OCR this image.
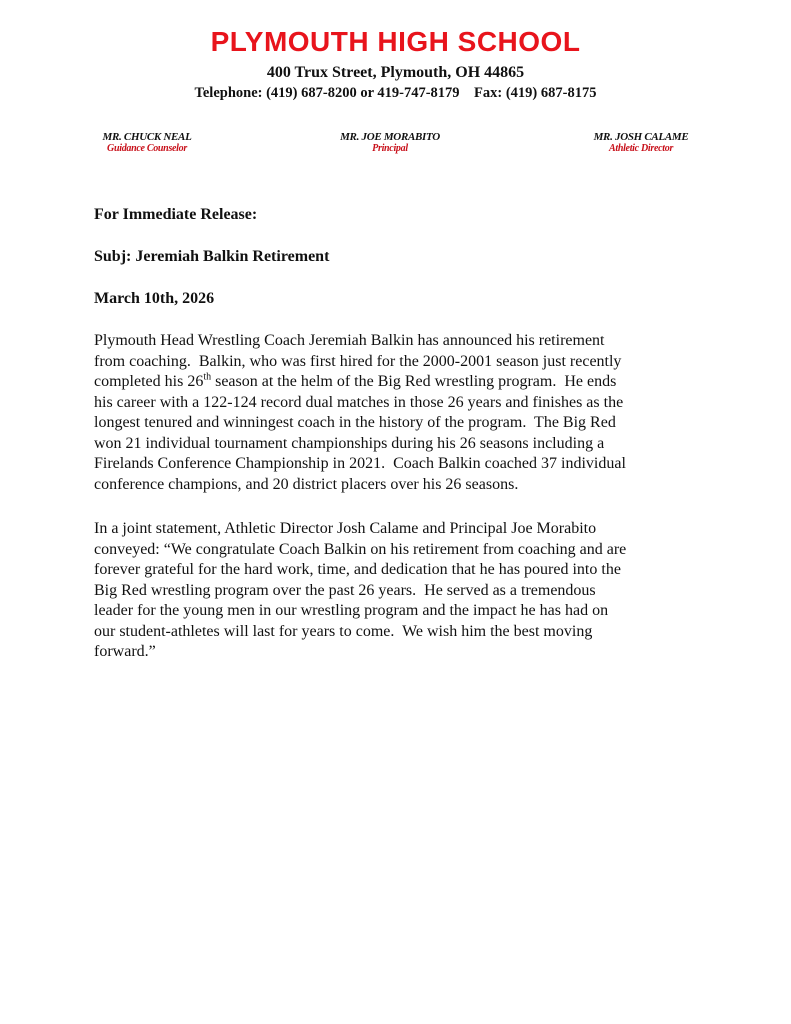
PLYMOUTH HIGH SCHOOL
400 Trux Street, Plymouth, OH 44865
Telephone: (419) 687-8200 or 419-747-8179    Fax: (419) 687-8175
MR. CHUCK NEAL
Guidance Counselor
MR. JOE MORABITO
Principal
MR. JOSH CALAME
Athletic Director
For Immediate Release:
Subj: Jeremiah Balkin Retirement
March 10th, 2026
Plymouth Head Wrestling Coach Jeremiah Balkin has announced his retirement
from coaching.  Balkin, who was first hired for the 2000-2001 season just recently
completed his 26th season at the helm of the Big Red wrestling program.  He ends
his career with a 122-124 record dual matches in those 26 years and finishes as the
longest tenured and winningest coach in the history of the program.  The Big Red
won 21 individual tournament championships during his 26 seasons including a
Firelands Conference Championship in 2021.  Coach Balkin coached 37 individual
conference champions, and 20 district placers over his 26 seasons.
In a joint statement, Athletic Director Josh Calame and Principal Joe Morabito
conveyed: “We congratulate Coach Balkin on his retirement from coaching and are
forever grateful for the hard work, time, and dedication that he has poured into the
Big Red wrestling program over the past 26 years.  He served as a tremendous
leader for the young men in our wrestling program and the impact he has had on
our student-athletes will last for years to come.  We wish him the best moving
forward.”
